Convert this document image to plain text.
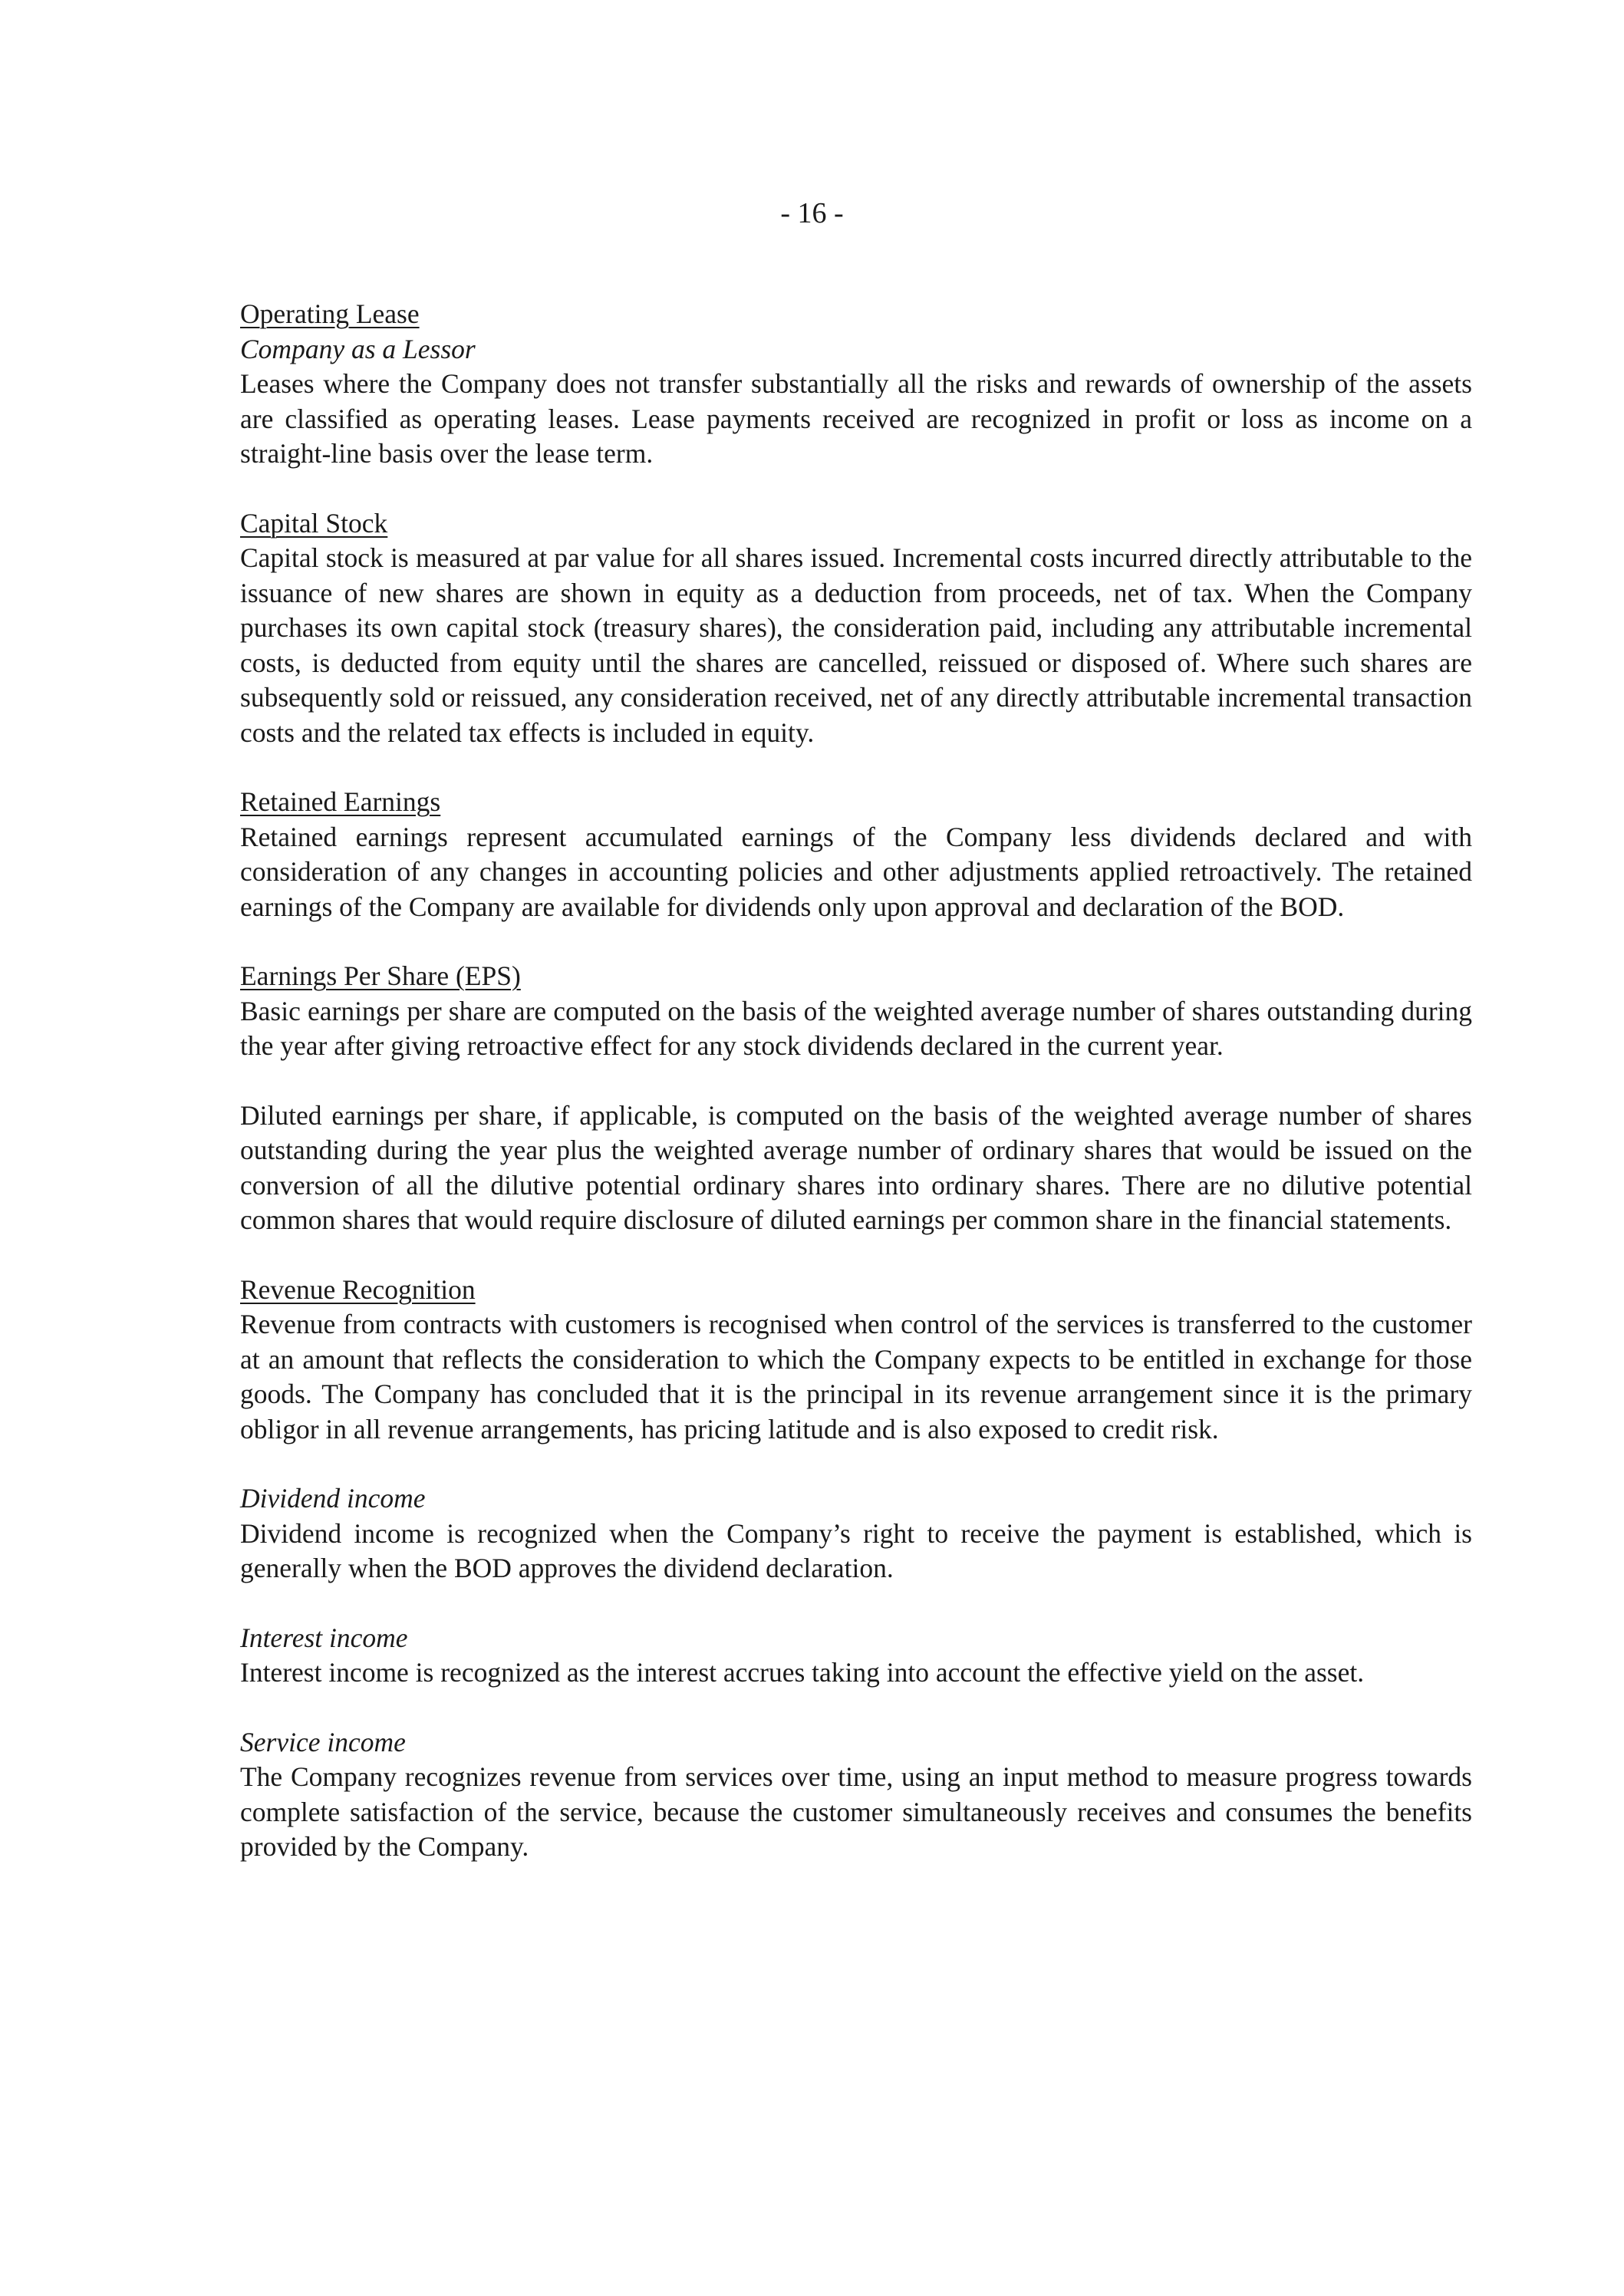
- 16 -
Operating Lease
Company as a Lessor

Leases where the Company does not transfer substantially all the risks and rewards of ownership of the assets are classified as operating leases. Lease payments received are recognized in profit or loss as income on a straight-line basis over the lease term.

Capital Stock

Capital stock is measured at par value for all shares issued. Incremental costs incurred directly attributable to the issuance of new shares are shown in equity as a deduction from proceeds, net of tax. When the Company purchases its own capital stock (treasury shares), the consideration paid, including any attributable incremental costs, is deducted from equity until the shares are cancelled, reissued or disposed of. Where such shares are subsequently sold or reissued, any consideration received, net of any directly attributable incremental transaction costs and the related tax effects is included in equity.

Retained Earnings

Retained earnings represent accumulated earnings of the Company less dividends declared and with consideration of any changes in accounting policies and other adjustments applied retroactively. The retained earnings of the Company are available for dividends only upon approval and declaration of the BOD.

Earnings Per Share (EPS)

Basic earnings per share are computed on the basis of the weighted average number of shares outstanding during the year after giving retroactive effect for any stock dividends declared in the current year.

Diluted earnings per share, if applicable, is computed on the basis of the weighted average number of shares outstanding during the year plus the weighted average number of ordinary shares that would be issued on the conversion of all the dilutive potential ordinary shares into ordinary shares. There are no dilutive potential common shares that would require disclosure of diluted earnings per common share in the financial statements.

Revenue Recognition

Revenue from contracts with customers is recognised when control of the services is transferred to the customer at an amount that reflects the consideration to which the Company expects to be entitled in exchange for those goods. The Company has concluded that it is the principal in its revenue arrangement since it is the primary obligor in all revenue arrangements, has pricing latitude and is also exposed to credit risk.

Dividend income

Dividend income is recognized when the Company’s right to receive the payment is established, which is generally when the BOD approves the dividend declaration.

Interest income

Interest income is recognized as the interest accrues taking into account the effective yield on the asset.

Service income

The Company recognizes revenue from services over time, using an input method to measure progress towards complete satisfaction of the service, because the customer simultaneously receives and consumes the benefits provided by the Company.
